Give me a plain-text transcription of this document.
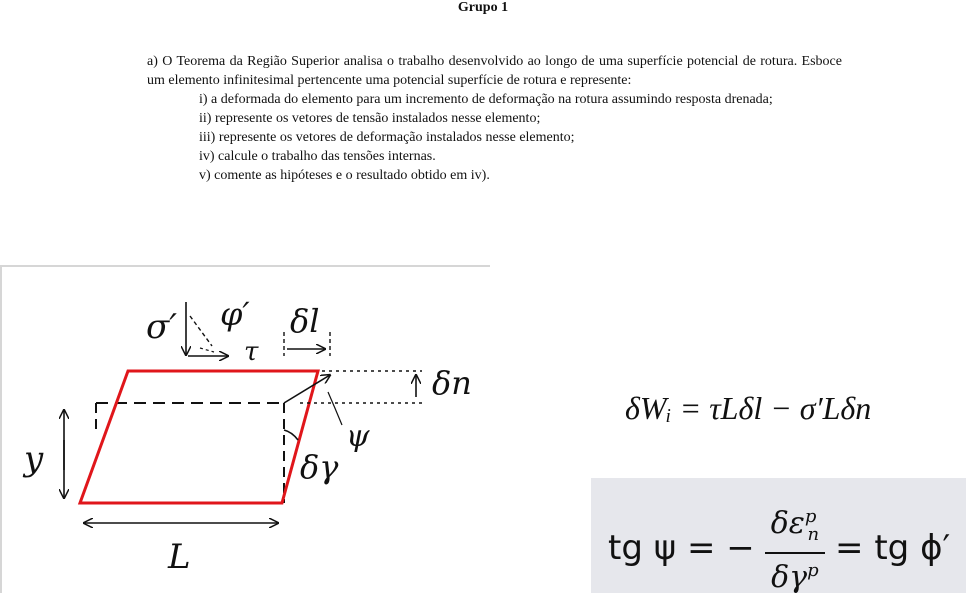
Grupo 1

a) O Teorema da Região Superior analisa o trabalho desenvolvido ao longo de uma superfície potencial de rotura. Esboce um elemento infinitesimal pertencente uma potencial superfície de rotura e represente:

i) a deformada do elemento para um incremento de deformação na rotura assumindo resposta drenada;

ii) represente os vetores de tensão instalados nesse elemento;

iii) represente os vetores de deformação instalados nesse elemento;

iv) calcule o trabalho das tensões internas.

v) comente as hipóteses e o resultado obtido em iv).

σ′ φ′
τ
δl
δn
ψ
δγ
y
L
δWᵢ = τLδl − σ′Lδn
tg ψ = − $\frac{\delta\varepsilon^p_n}{\delta\gamma^p}$ = tg ϕ′
